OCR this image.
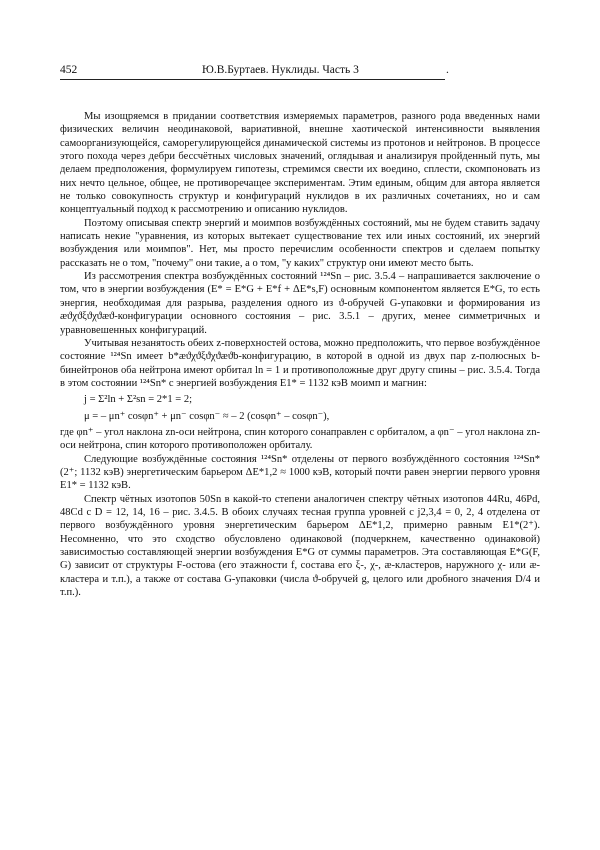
452	Ю.В.Буртаев. Нуклиды. Часть 3	.

Мы изощряемся в придании соответствия измеряемых параметров, разного рода введенных нами физических величин неодинаковой, вариативной, внешне хаотической интенсивности выявления самоорганизующейся, саморегулирующейся динамической системы из протонов и нейтронов. В процессе этого похода через дебри бессчётных числовых значений, оглядывая и анализируя пройденный путь, мы делаем предположения, формулируем гипотезы, стремимся свести их воедино, сплести, скомпоновать из них нечто цельное, общее, не противоречащее экспериментам. Этим единым, общим для автора является не только совокупность структур и конфигураций нуклидов в их различных сочетаниях, но и сам концептуальный подход к рассмотрению и описанию нуклидов.

Поэтому описывая спектр энергий и моимпов возбуждённых состояний, мы не будем ставить задачу написать некие "уравнения, из которых вытекает существование тех или иных состояний, их энергий возбуждения или моимпов". Нет, мы просто перечислим особенности спектров и сделаем попытку рассказать не о том, "почему" они такие, а о том, "у каких" структур они имеют место быть.

Из рассмотрения спектра возбуждённых состояний ¹²⁴Sn – рис. 3.5.4 – напрашивается заключение о том, что в энергии возбуждения (E* = E*G + E*f + ΔE*s,F) основным компонентом является E*G, то есть энергия, необходимая для разрыва, разделения одного из ϑ-обручей G-упаковки и формирования из æϑχϑξϑχϑæϑ-конфигурации основного состояния – рис. 3.5.1 – других, менее симметричных и уравновешенных конфигураций.

Учитывая незанятость обеих z-поверхностей остова, можно предположить, что первое возбуждённое состояние ¹²⁴Sn имеет b*æϑχϑξϑχϑæϑb-конфигурацию, в которой в одной из двух пар z-полюсных b-бинейтронов оба нейтрона имеют орбитал ln = 1 и противоположные друг другу спины – рис. 3.5.4. Тогда в этом состоянии ¹²⁴Sn* с энергией возбуждения E1* = 1132 кэВ моимп и магнин:

j = Σ²ln + Σ²sn = 2*1 = 2;

μ = – μn⁺ cosφn⁺ + μn⁻ cosφn⁻ ≈ – 2 (cosφn⁺ – cosφn⁻),

где φn⁺ – угол наклона zn-оси нейтрона, спин которого сонаправлен с орбиталом, а φn⁻ – угол наклона zn-оси нейтрона, спин которого противоположен орбиталу.

Следующие возбуждённые состояния ¹²⁴Sn* отделены от первого возбуждённого состояния ¹²⁴Sn*(2⁺; 1132 кэВ) энергетическим барьером ΔE*1,2 ≈ 1000 кэВ, который почти равен энергии первого уровня E1* = 1132 кэВ.

Спектр чётных изотопов 50Sn в какой-то степени аналогичен спектру чётных изотопов 44Ru, 46Pd, 48Cd с D = 12, 14, 16 – рис. 3.4.5. В обоих случаях тесная группа уровней с j2,3,4 = 0, 2, 4 отделена от первого возбуждённого уровня энергетическим барьером ΔE*1,2, примерно равным E1*(2⁺). Несомненно, что это сходство обусловлено одинаковой (подчеркнем, качественно одинаковой) зависимостью составляющей энергии возбуждения E*G от суммы параметров. Эта составляющая E*G(F, G) зависит от структуры F-остова (его этажности f, состава его ξ-, χ-, æ-кластеров, наружного χ- или æ-кластера и т.п.), а также от состава G-упаковки (числа ϑ-обручей g, целого или дробного значения D/4 и т.п.).
